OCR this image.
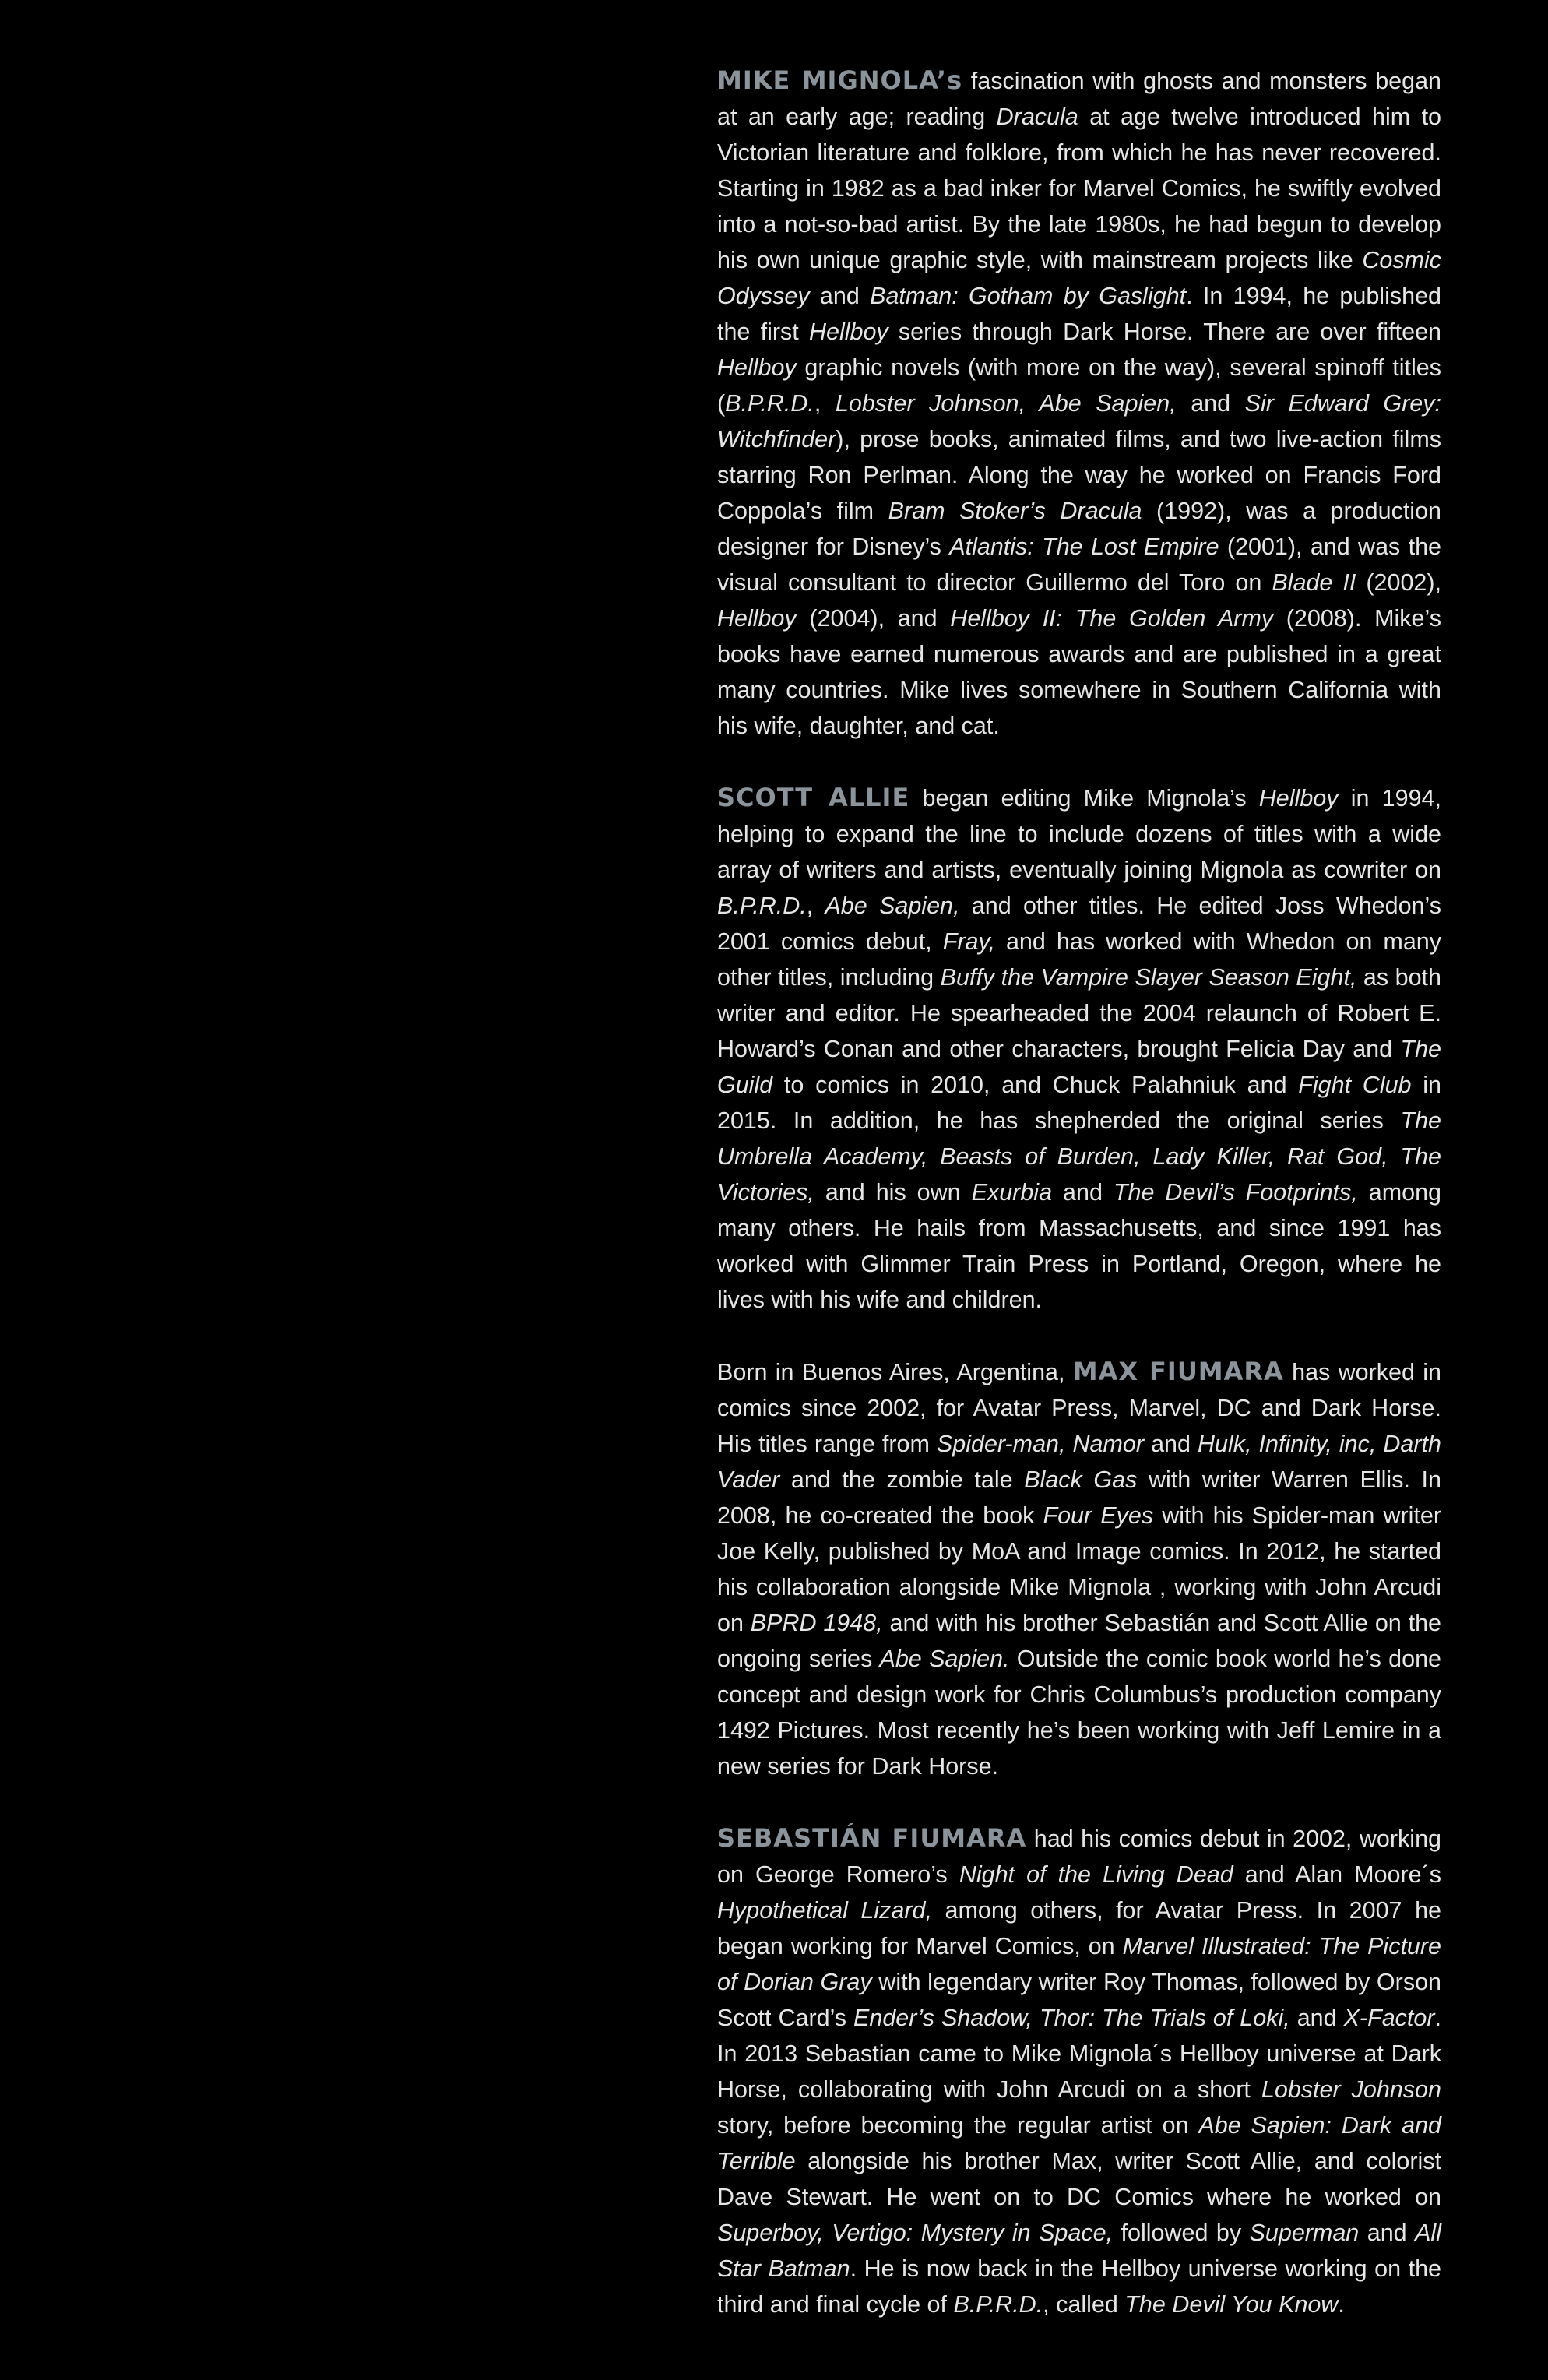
MIKE MIGNOLA’s fascination with ghosts and monsters began at an early age; reading Dracula at age twelve introduced him to Victorian literature and folklore, from which he has never recovered. Starting in 1982 as a bad inker for Marvel Comics, he swiftly evolved into a not-so-bad artist. By the late 1980s, he had begun to develop his own unique graphic style, with mainstream projects like Cosmic Odyssey and Batman: Gotham by Gaslight. In 1994, he published the first Hellboy series through Dark Horse. There are over fifteen Hellboy graphic novels (with more on the way), several spinoff titles (B.P.R.D., Lobster Johnson, Abe Sapien, and Sir Edward Grey: Witchfinder), prose books, animated films, and two live-action films starring Ron Perlman. Along the way he worked on Francis Ford Coppola’s film Bram Stoker’s Dracula (1992), was a production designer for Disney’s Atlantis: The Lost Empire (2001), and was the visual consultant to director Guillermo del Toro on Blade II (2002), Hellboy (2004), and Hellboy II: The Golden Army (2008). Mike’s books have earned numerous awards and are published in a great many countries. Mike lives somewhere in Southern California with his wife, daughter, and cat.

SCOTT ALLIE began editing Mike Mignola’s Hellboy in 1994, helping to expand the line to include dozens of titles with a wide array of writers and artists, eventually joining Mignola as cowriter on B.P.R.D., Abe Sapien, and other titles. He edited Joss Whedon’s 2001 comics debut, Fray, and has worked with Whedon on many other titles, including Buffy the Vampire Slayer Season Eight, as both writer and editor. He spearheaded the 2004 relaunch of Robert E. Howard’s Conan and other characters, brought Felicia Day and The Guild to comics in 2010, and Chuck Palahniuk and Fight Club in 2015. In addition, he has shepherded the original series The Umbrella Academy, Beasts of Burden, Lady Killer, Rat God, The Victories, and his own Exurbia and The Devil’s Footprints, among many others. He hails from Massachusetts, and since 1991 has worked with Glimmer Train Press in Portland, Oregon, where he lives with his wife and children.

Born in Buenos Aires, Argentina, MAX FIUMARA has worked in comics since 2002, for Avatar Press, Marvel, DC and Dark Horse. His titles range from Spider-man, Namor and Hulk, Infinity, inc, Darth Vader and the zombie tale Black Gas with writer Warren Ellis. In 2008, he co-created the book Four Eyes with his Spider-man writer Joe Kelly, published by MoA and Image comics. In 2012, he started his collaboration alongside Mike Mignola , working with John Arcudi on BPRD 1948, and with his brother Sebastián and Scott Allie on the ongoing series Abe Sapien. Outside the comic book world he’s done concept and design work for Chris Columbus’s production company 1492 Pictures. Most recently he’s been working with Jeff Lemire in a new series for Dark Horse.

SEBASTIÁN FIUMARA had his comics debut in 2002, working on George Romero’s Night of the Living Dead and Alan Moore´s Hypothetical Lizard, among others, for Avatar Press. In 2007 he began working for Marvel Comics, on Marvel Illustrated: The Picture of Dorian Gray with legendary writer Roy Thomas, followed by Orson Scott Card’s Ender’s Shadow, Thor: The Trials of Loki, and X-Factor. In 2013 Sebastian came to Mike Mignola´s Hellboy universe at Dark Horse, collaborating with John Arcudi on a short Lobster Johnson story, before becoming the regular artist on Abe Sapien: Dark and Terrible alongside his brother Max, writer Scott Allie, and colorist Dave Stewart. He went on to DC Comics where he worked on Superboy, Vertigo: Mystery in Space, followed by Superman and All Star Batman. He is now back in the Hellboy universe working on the third and final cycle of B.P.R.D., called The Devil You Know.
